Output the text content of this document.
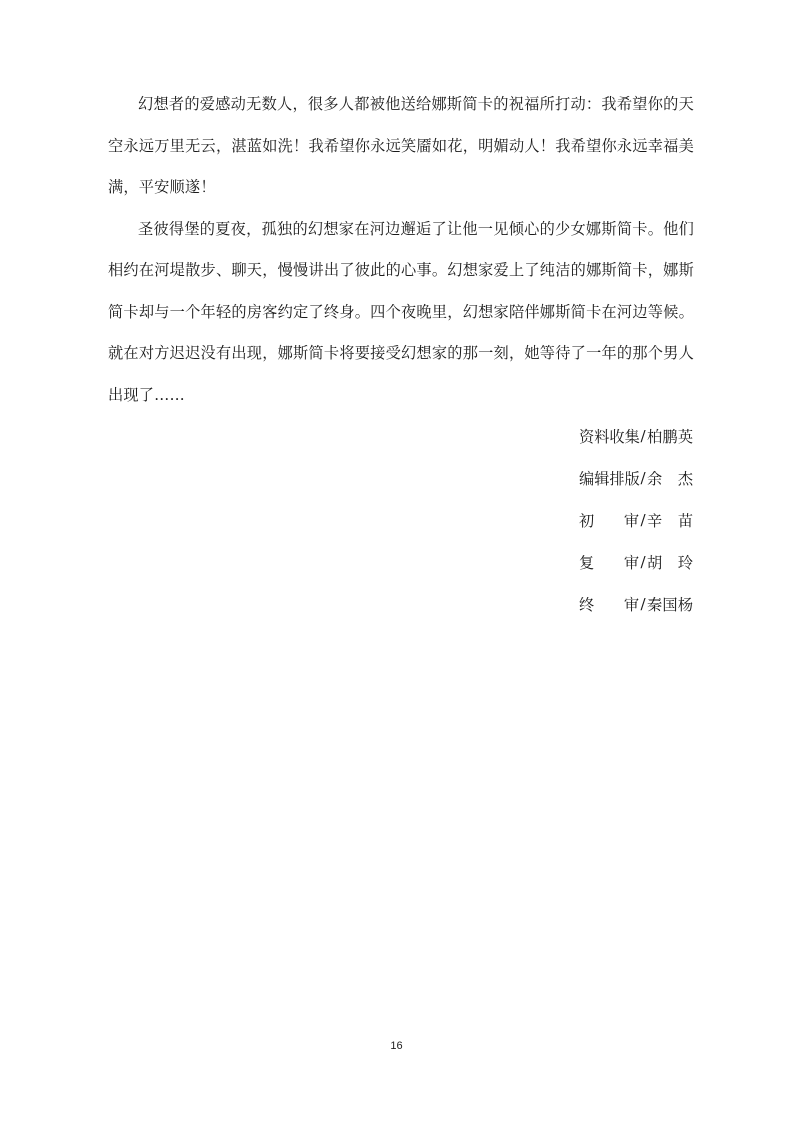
幻想者的爱感动无数人，很多人都被他送给娜斯简卡的祝福所打动：我希望你的天空永远万里无云，湛蓝如洗！我希望你永远笑靥如花，明媚动人！我希望你永远幸福美满，平安顺遂！

圣彼得堡的夏夜，孤独的幻想家在河边邂逅了让他一见倾心的少女娜斯简卡。他们相约在河堤散步、聊天，慢慢讲出了彼此的心事。幻想家爱上了纯洁的娜斯简卡，娜斯简卡却与一个年轻的房客约定了终身。四个夜晚里，幻想家陪伴娜斯简卡在河边等候。就在对方迟迟没有出现，娜斯简卡将要接受幻想家的那一刻，她等待了一年的那个男人出现了……

资 料 收 集 / 柏 鹏 英
编 辑 排 版 / 余 杰
初 审 / 辛 苗
复 审 / 胡 玲
终 审 / 秦 国 杨
16
